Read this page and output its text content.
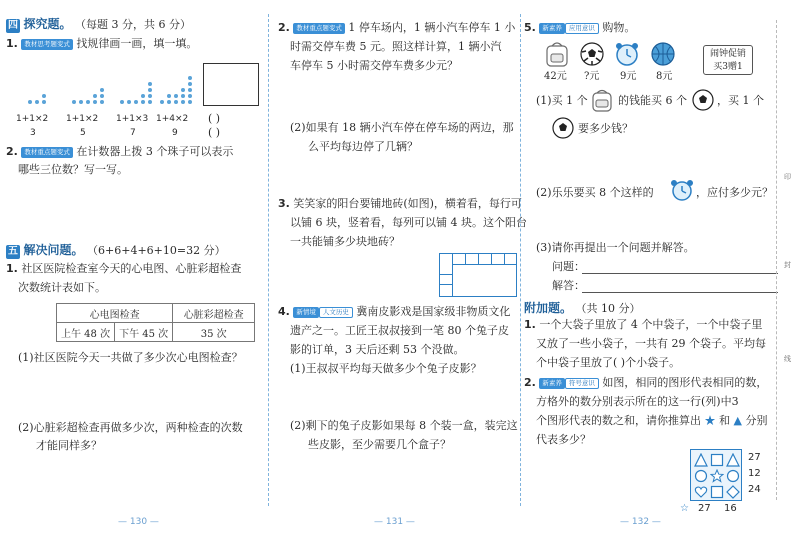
四 探究题。 （每题 3 分，共 6 分）
1. 教材思考题变式 找规律画一画，填一填。
1+1×2 1+1×2 1+1×3 1+4×2 ( )
3	5	7	9	( )
2. 教材重点题变式 在计数器上拨 3 个珠子可以表示
哪些三位数？写一写。
五 解决问题。 （6+6+4+6+10=32 分）
1. 社区医院检查室今天的心电图、心脏彩超检查
次数统计表如下。
心电图检查		心脏彩超检查
上午 48 次	下午 45 次	35 次
(1)社区医院今天一共做了多少次心电图检查？
(2)心脏彩超检查再做多少次，两种检查的次数
才能同样多？
— 130 —
2. 教材重点题变式 1 停车场内，1 辆小汽车停车 1 小
时需交停车费 5 元。照这样计算，1 辆小汽
车停车 5 小时需交停车费多少元？
(2)如果有 18 辆小汽车停在停车场的两边，那
么平均每边停了几辆？
3. 笑笑家的阳台要铺地砖(如图)，横着看，每行可
以铺 6 块，竖着看，每列可以铺 4 块。这个阳台
一共能铺多少块地砖？
4. 新情境 人文历史 冀南皮影戏是国家级非物质文化
遗产之一。工匠王叔叔接到一笔 80 个兔子皮
影的订单，3 天后还剩 53 个没做。
(1)王叔叔平均每天做多少个兔子皮影？
(2)剩下的兔子皮影如果每 8 个装一盒，装完这
些皮影，至少需要几个盒子？
— 131 —
5. 新素养 应用意识 购物。
42元 ?元 9元 8元
闹钟促销
买3赠1
(1)买 1 个	的钱能买 6 个	，买 1 个
要多少钱？
(2)乐乐要买 8 个这样的	，应付多少元？
(3)请你再提出一个问题并解答。
问题：
解答：
附加题。 （共 10 分）
1. 一个大袋子里放了 4 个中袋子，一个中袋子里
又放了一些小袋子，一共有 29 个袋子。平均每
个中袋子里放了( )个小袋子。
2. 新素养 符号意识 如图，相同的图形代表相同的数，
方格外的数分别表示所在的这一行(列)中3
个图形代表的数之和，请你推算出 ★ 和 ▲ 分别
代表多少？
27
12
24
☆ 27 16
— 132 —
印
封
线
